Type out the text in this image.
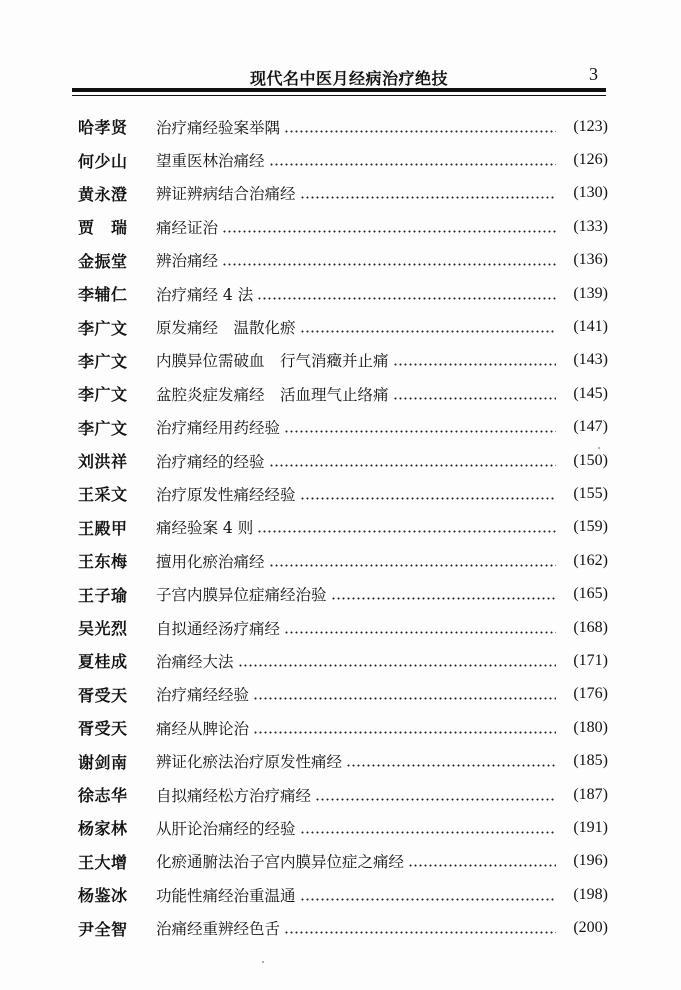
现代名中医月经病治疗绝技	3
哈孝贤	治疗痛经验案举隅	(123)
何少山	望重医林治痛经	(126)
黄永澄	辨证辨病结合治痛经	(130)
贾　瑞	痛经证治	(133)
金振堂	辨治痛经	(136)
李辅仁	治疗痛经 4 法	(139)
李广文	原发痛经　温散化瘀	(141)
李广文	内膜异位需破血　行气消癥并止痛	(143)
李广文	盆腔炎症发痛经　活血理气止络痛	(145)
李广文	治疗痛经用药经验	(147)
刘洪祥	治疗痛经的经验	(150)
王采文	治疗原发性痛经经验	(155)
王殿甲	痛经验案 4 则	(159)
王东梅	擅用化瘀治痛经	(162)
王子瑜	子宫内膜异位症痛经治验	(165)
吴光烈	自拟通经汤疗痛经	(168)
夏桂成	治痛经大法	(171)
胥受天	治疗痛经经验	(176)
胥受天	痛经从脾论治	(180)
谢剑南	辨证化瘀法治疗原发性痛经	(185)
徐志华	自拟痛经松方治疗痛经	(187)
杨家林	从肝论治痛经的经验	(191)
王大增	化瘀通腑法治子宫内膜异位症之痛经	(196)
杨鉴冰	功能性痛经治重温通	(198)
尹全智	治痛经重辨经色舌	(200)
